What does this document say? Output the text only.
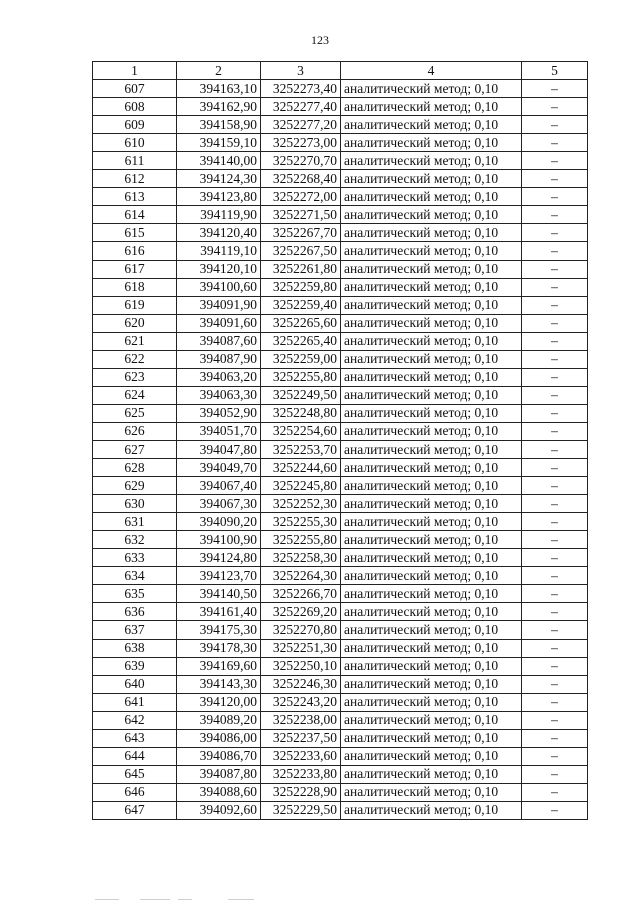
123
1	2	3	4	5
607	394163,10	3252273,40	аналитический метод; 0,10	–
608	394162,90	3252277,40	аналитический метод; 0,10	–
609	394158,90	3252277,20	аналитический метод; 0,10	–
610	394159,10	3252273,00	аналитический метод; 0,10	–
611	394140,00	3252270,70	аналитический метод; 0,10	–
612	394124,30	3252268,40	аналитический метод; 0,10	–
613	394123,80	3252272,00	аналитический метод; 0,10	–
614	394119,90	3252271,50	аналитический метод; 0,10	–
615	394120,40	3252267,70	аналитический метод; 0,10	–
616	394119,10	3252267,50	аналитический метод; 0,10	–
617	394120,10	3252261,80	аналитический метод; 0,10	–
618	394100,60	3252259,80	аналитический метод; 0,10	–
619	394091,90	3252259,40	аналитический метод; 0,10	–
620	394091,60	3252265,60	аналитический метод; 0,10	–
621	394087,60	3252265,40	аналитический метод; 0,10	–
622	394087,90	3252259,00	аналитический метод; 0,10	–
623	394063,20	3252255,80	аналитический метод; 0,10	–
624	394063,30	3252249,50	аналитический метод; 0,10	–
625	394052,90	3252248,80	аналитический метод; 0,10	–
626	394051,70	3252254,60	аналитический метод; 0,10	–
627	394047,80	3252253,70	аналитический метод; 0,10	–
628	394049,70	3252244,60	аналитический метод; 0,10	–
629	394067,40	3252245,80	аналитический метод; 0,10	–
630	394067,30	3252252,30	аналитический метод; 0,10	–
631	394090,20	3252255,30	аналитический метод; 0,10	–
632	394100,90	3252255,80	аналитический метод; 0,10	–
633	394124,80	3252258,30	аналитический метод; 0,10	–
634	394123,70	3252264,30	аналитический метод; 0,10	–
635	394140,50	3252266,70	аналитический метод; 0,10	–
636	394161,40	3252269,20	аналитический метод; 0,10	–
637	394175,30	3252270,80	аналитический метод; 0,10	–
638	394178,30	3252251,30	аналитический метод; 0,10	–
639	394169,60	3252250,10	аналитический метод; 0,10	–
640	394143,30	3252246,30	аналитический метод; 0,10	–
641	394120,00	3252243,20	аналитический метод; 0,10	–
642	394089,20	3252238,00	аналитический метод; 0,10	–
643	394086,00	3252237,50	аналитический метод; 0,10	–
644	394086,70	3252233,60	аналитический метод; 0,10	–
645	394087,80	3252233,80	аналитический метод; 0,10	–
646	394088,60	3252228,90	аналитический метод; 0,10	–
647	394092,60	3252229,50	аналитический метод; 0,10	–
